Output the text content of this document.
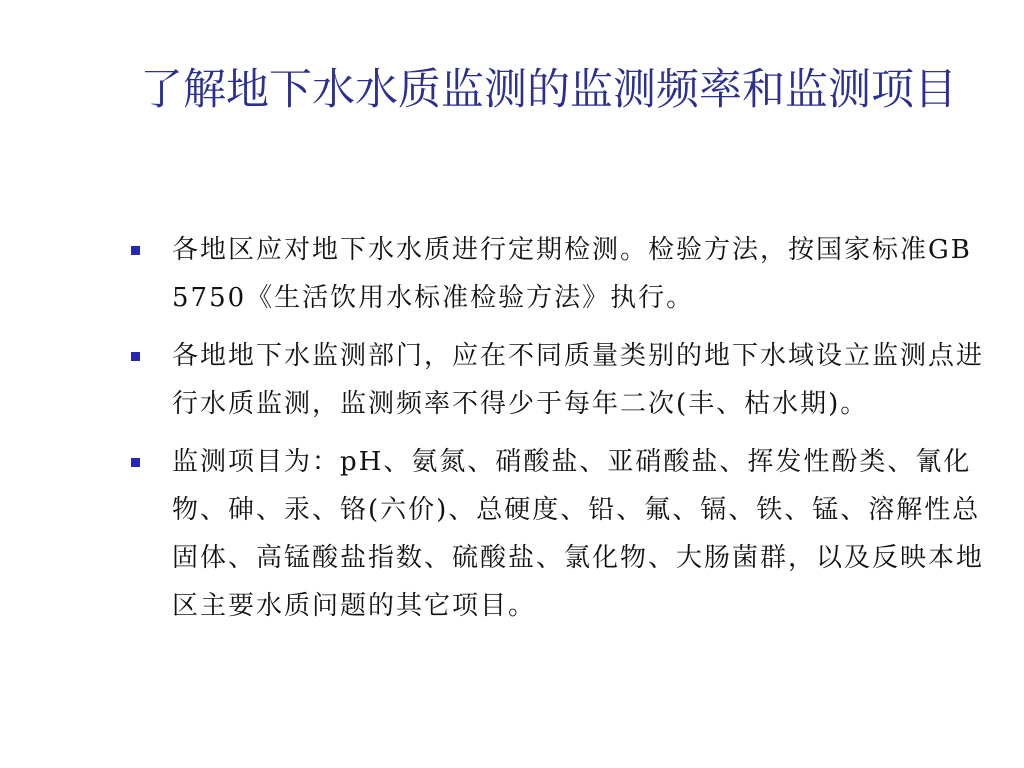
了解地下水水质监测的监测频率和监测项目
各地区应对地下水水质进行定期检测。检验方法，按国家标准GB 5750《生活饮用水标准检验方法》执行。
各地地下水监测部门，应在不同质量类别的地下水域设立监测点进行水质监测，监测频率不得少于每年二次(丰、枯水期)。
监测项目为：pH、氨氮、硝酸盐、亚硝酸盐、挥发性酚类、氰化物、砷、汞、铬(六价)、总硬度、铅、氟、镉、铁、锰、溶解性总固体、高锰酸盐指数、硫酸盐、氯化物、大肠菌群，以及反映本地区主要水质问题的其它项目。
